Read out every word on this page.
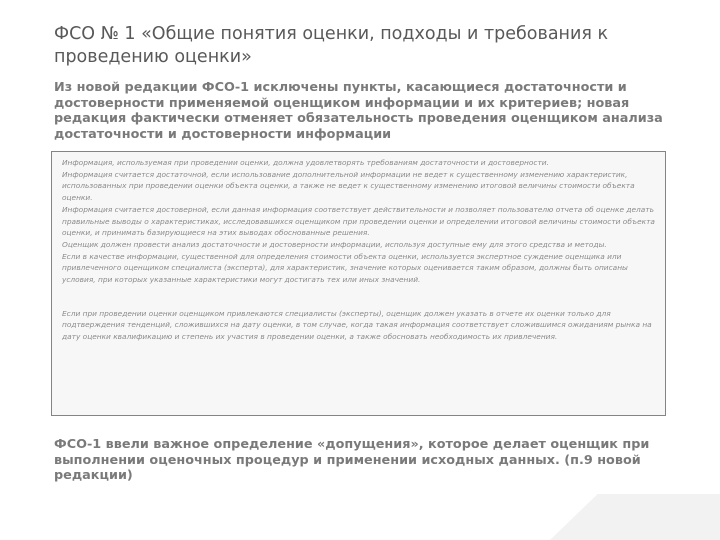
ФСО № 1 «Общие понятия оценки, подходы и требования к проведению оценки»

Из новой редакции ФСО-1 исключены пункты, касающиеся достаточности и достоверности применяемой оценщиком информации и их критериев; новая редакция фактически отменяет обязательность проведения оценщиком анализа достаточности и достоверности информации

Информация, используемая при проведении оценки, должна удовлетворять требованиям достаточности и достоверности.

Информация считается достаточной, если использование дополнительной информации не ведет к существенному изменению характеристик, использованных при проведении оценки объекта оценки, а также не ведет к существенному изменению итоговой величины стоимости объекта оценки.

Информация считается достоверной, если данная информация соответствует действительности и позволяет пользователю отчета об оценке делать правильные выводы о характеристиках, исследовавшихся оценщиком при проведении оценки и определении итоговой величины стоимости объекта оценки, и принимать базирующиеся на этих выводах обоснованные решения.

Оценщик должен провести анализ достаточности и достоверности информации, используя доступные ему для этого средства и методы.

Если в качестве информации, существенной для определения стоимости объекта оценки, используется экспертное суждение оценщика или привлеченного оценщиком специалиста (эксперта), для характеристик, значение которых оценивается таким образом, должны быть описаны условия, при которых указанные характеристики могут достигать тех или иных значений.

Если при проведении оценки оценщиком привлекаются специалисты (эксперты), оценщик должен указать в отчете их оценки только для подтверждения тенденций, сложившихся на дату оценки, в том случае, когда такая информация соответствует сложившимся ожиданиям рынка на дату оценки квалификацию и степень их участия в проведении оценки, а также обосновать необходимость их привлечения.

ФСО-1 ввели важное определение «допущения», которое делает оценщик при выполнении оценочных процедур и применении исходных данных. (п.9 новой редакции)
